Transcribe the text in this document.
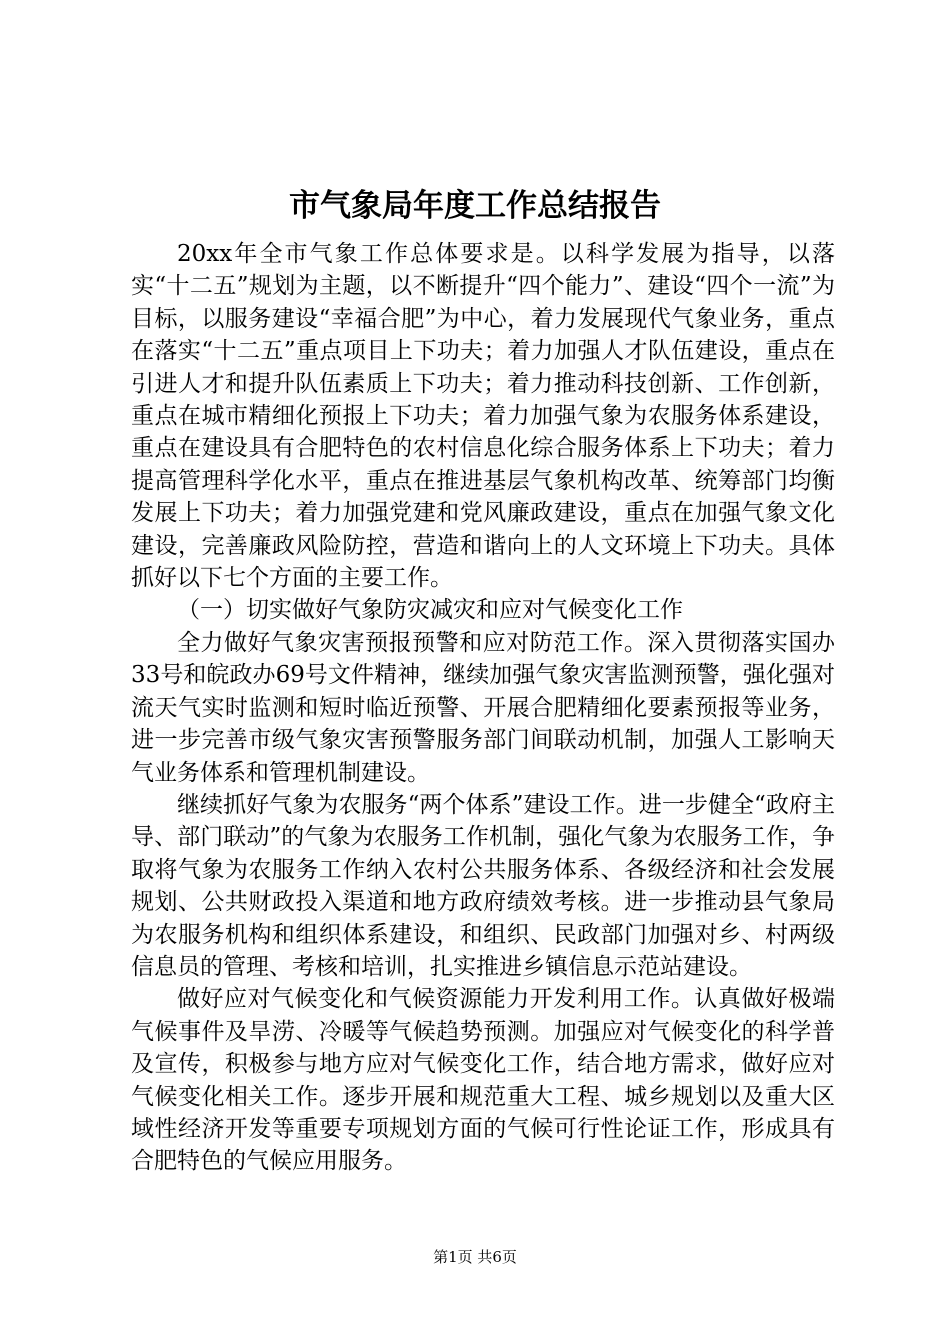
市气象局年度工作总结报告

20xx年全市气象工作总体要求是。以科学发展为指导，以落实“十二五”规划为主题，以不断提升“四个能力”、建设“四个一流”为目标，以服务建设“幸福合肥”为中心，着力发展现代气象业务，重点在落实“十二五”重点项目上下功夫；着力加强人才队伍建设，重点在引进人才和提升队伍素质上下功夫；着力推动科技创新、工作创新，重点在城市精细化预报上下功夫；着力加强气象为农服务体系建设，重点在建设具有合肥特色的农村信息化综合服务体系上下功夫；着力提高管理科学化水平，重点在推进基层气象机构改革、统筹部门均衡发展上下功夫；着力加强党建和党风廉政建设，重点在加强气象文化建设，完善廉政风险防控，营造和谐向上的人文环境上下功夫。具体抓好以下七个方面的主要工作。

（一）切实做好气象防灾减灾和应对气候变化工作

全力做好气象灾害预报预警和应对防范工作。深入贯彻落实国办33号和皖政办69号文件精神，继续加强气象灾害监测预警，强化强对流天气实时监测和短时临近预警、开展合肥精细化要素预报等业务，进一步完善市级气象灾害预警服务部门间联动机制，加强人工影响天气业务体系和管理机制建设。

继续抓好气象为农服务“两个体系”建设工作。进一步健全“政府主导、部门联动”的气象为农服务工作机制，强化气象为农服务工作，争取将气象为农服务工作纳入农村公共服务体系、各级经济和社会发展规划、公共财政投入渠道和地方政府绩效考核。进一步推动县气象局为农服务机构和组织体系建设，和组织、民政部门加强对乡、村两级信息员的管理、考核和培训，扎实推进乡镇信息示范站建设。

做好应对气候变化和气候资源能力开发利用工作。认真做好极端气候事件及旱涝、冷暖等气候趋势预测。加强应对气候变化的科学普及宣传，积极参与地方应对气候变化工作，结合地方需求，做好应对气候变化相关工作。逐步开展和规范重大工程、城乡规划以及重大区域性经济开发等重要专项规划方面的气候可行性论证工作，形成具有合肥特色的气候应用服务。

第1页 共6页
